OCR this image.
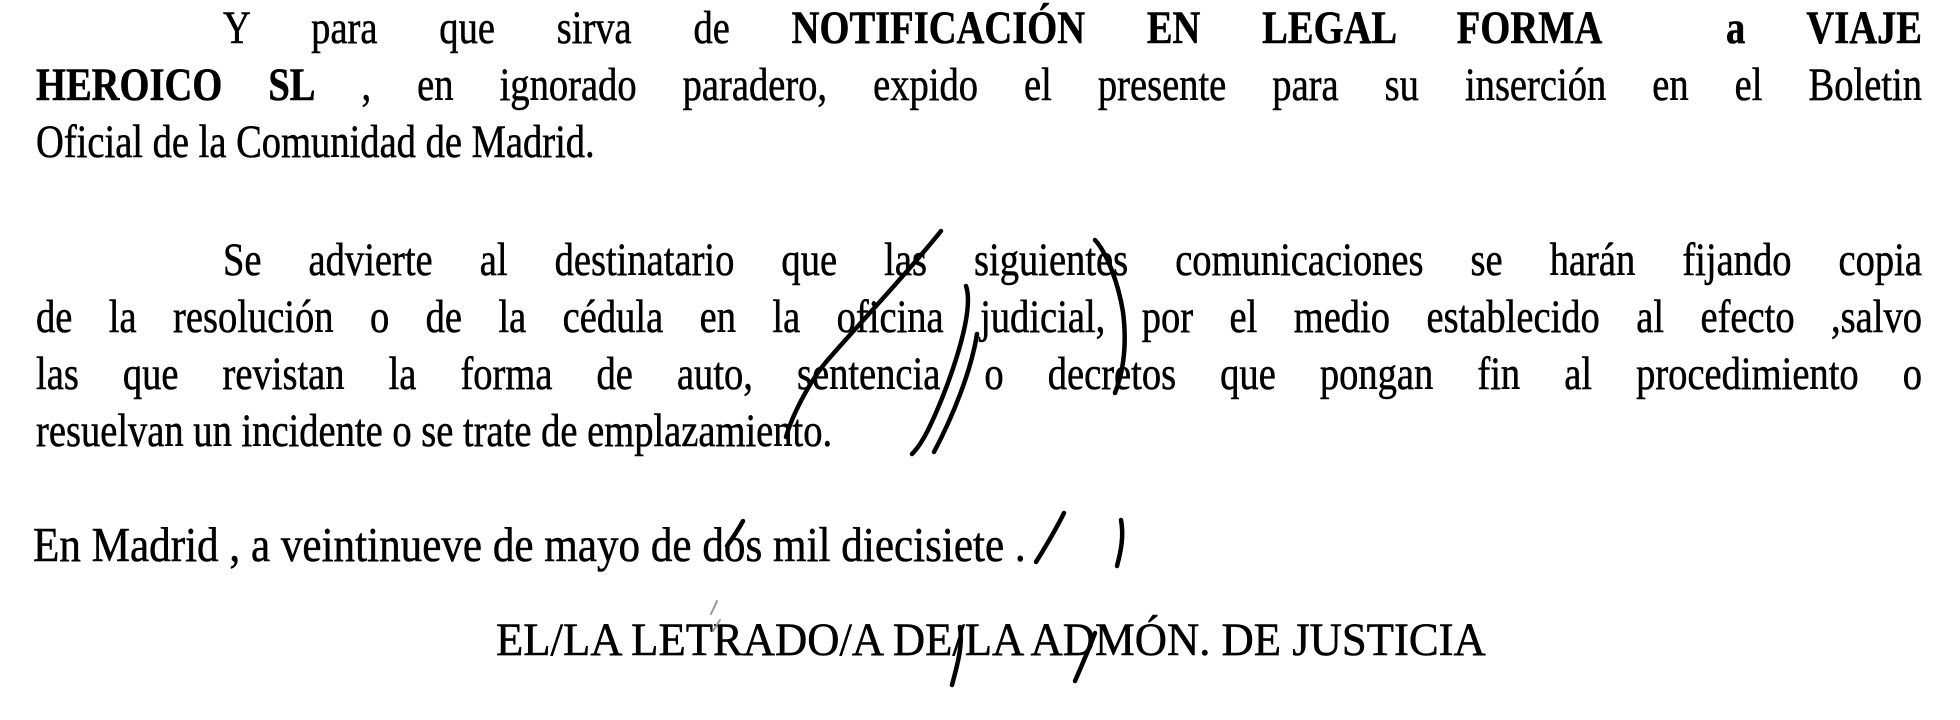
Y para que sirva de NOTIFICACIÓN EN LEGAL FORMA	a VIAJE
HEROICO SL , en ignorado paradero, expido el presente para su inserción en el Boletin
Oficial de la Comunidad de Madrid.
Se advierte al destinatario que las siguientes comunicaciones se harán fijando copia
de la resolución o de la cédula en la oficina judicial, por el medio establecido al efecto ,salvo
las que revistan la forma de auto, sentencia o decretos que pongan fin al procedimiento o
resuelvan un incidente o se trate de emplazamiento.
En Madrid , a veintinueve de mayo de dos mil diecisiete .
EL/LA LETRADO/A DE/LA ADMÓN. DE JUSTICIA
